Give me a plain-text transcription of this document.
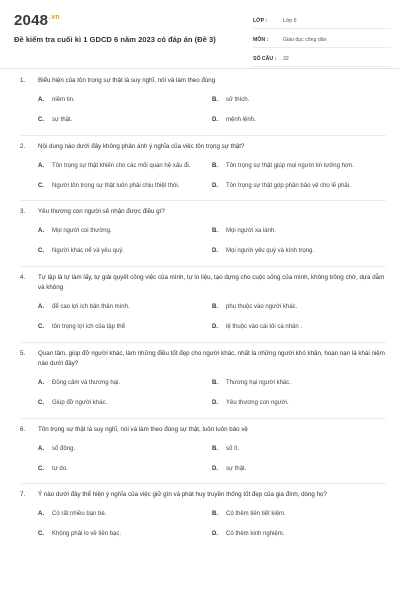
$2048^{.vn}$
Đề kiểm tra cuối kì 1 GDCD 6 năm 2023 có đáp án (Đề 3)
LỚP :	Lớp 6
MÔN :	Giáo dục công dân
SỐ CÂU :	32
1.	Biểu hiện của tôn trọng sự thật là suy nghĩ, nói và làm theo đúng
A.	niềm tin.	B.	sở thích.
C.	sự thật.	D.	mệnh lệnh.
2.	Nội dung nào dưới đây không phản ánh ý nghĩa của việc tôn trọng sự thật?
A.	Tôn trọng sự thật khiến cho các mối quan hệ xấu đi.	B.	Tôn trọng sự thật giúp mọi người tin tưởng hơn.
C.	Người tôn trọng sự thật luôn phải chịu thiệt thòi.	D.	Tôn trọng sự thật góp phần bảo vệ cho lẽ phải.
3.	Yêu thương con người sẽ nhận được điều gì?
A.	Mọi người coi thường.	B.	Mọi người xa lánh.
C.	Người khác nể và yêu quý.	D.	Mọi người yêu quý và kính trọng.
4.	Tự lập là tự làm lấy, tự giải quyết công việc của mình, tự lo liệu, tạo dựng cho cuộc sống của mình, không trông chờ, dựa dẫm và không
A.	để cao lợi ích bản thân mình.	B.	phụ thuộc vào người khác.
C.	tôn trọng lợi ích của tập thể	D.	lệ thuộc vào cái tôi cá nhân .
5.	Quan tâm, giúp đỡ người khác, làm những điều tốt đẹp cho người khác, nhất là những người khó khăn, hoạn nạn là khái niệm nào dưới đây?
A.	Đồng cảm và thương hại.	B.	Thương hại người khác.
C.	Giúp đỡ người khác.	D.	Yêu thương con người.
6.	Tôn trọng sự thật là suy nghĩ, nói và làm theo đúng sự thật, luôn luôn bảo vệ
A.	số đông.	B.	số ít.
C.	tự do.	D.	sự thật.
7.	Ý nào dưới đây thể hiện ý nghĩa của việc giữ gìn và phát huy truyền thống tốt đẹp của gia đình, dòng họ?
A.	Có rất nhiều bạn bè.	B.	Có thêm tiền tiết kiệm.
C.	Không phải lo về tiền bạc.	D.	Có thêm kinh nghiệm.
